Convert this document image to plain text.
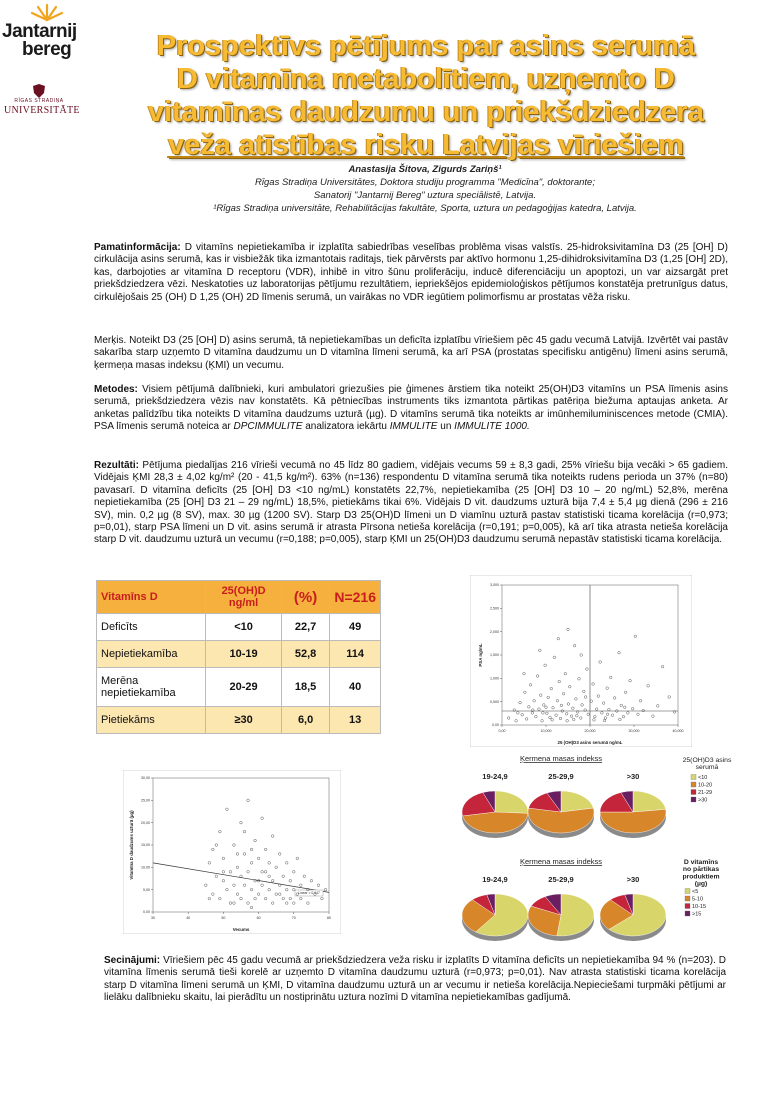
Jantarnij
bereg
RĪGAS STRADIŅA
UNIVERSITĀTE
Prospektīvs pētījums par asins serumā
D vitamīna metabolītiem, uzņemto D
vitamīnas daudzumu un priekšdziedzera
veža atīstības risku Latvijas vīriešiem
Anastasija Šitova, Zigurds Zariņš¹
Rīgas Stradiņa Universitātes, Doktora studiju programma "Medicīna", doktorante;
Sanatorij "Jantarnij Bereg" uztura speciālistē, Latvija.
¹Rīgas Stradiņa universitāte, Rehabilitācijas fakultāte, Sporta, uztura un pedagoģijas katedra, Latvija.
Pamatinformācija: D vitamīns nepietiekamība ir izplatīta sabiedrības veselības problēma visas valstīs. 25-hidroksivitamīna D3 (25 [OH] D) cirkulācija asins serumā, kas ir visbiežāk tika izmantotais raditajs, tiek pārvērsts par aktīvo hormonu 1,25-dihidroksivitamīna D3 (1,25 [OH] 2D), kas, darbojoties ar vitamīna D receptoru (VDR), inhibē in vitro šūnu proliferāciju, inducē diferenciāciju un apoptozi, un var aizsargāt pret priekšdziedzera vēzi. Neskatoties uz laboratorijas pētījumu rezultātiem, iepriekšējos epidemioloģiskos pētījumos konstatēja pretrunīgus datus, cirkulējošais 25 (OH) D 1,25 (OH) 2D līmenis serumā, un vairākas no VDR iegūtiem polimorfismu ar prostatas vēža risku.
Merķis. Noteikt D3 (25 [OH] D) asins serumā, tā nepietiekamības un deficīta izplatību vīriešiem pēc 45 gadu vecumā Latvijā. Izvērtēt vai pastāv sakarība starp uzņemto D vitamīna daudzumu un D vitamīna līmeni serumā, ka arī PSA (prostatas specifisku antigēnu) līmeni asins serumā, ķermeņa masas indeksu (ĶMI) un vecumu.
Metodes: Visiem pētījumā dalībnieki, kuri ambulatori griezušies pie ģimenes ārstiem tika noteikt 25(OH)D3 vitamīns un PSA līmenis asins serumā, priekšdziedzera vēzis nav konstatēts. Kā pētniecības instruments tiks izmantota pārtikas patēriņa biežuma aptaujas anketa. Ar anketas palīdzību tika noteikts D vitamīna daudzums uzturā (µg). D vitamīns serumā tika noteikts ar imūnhemiluminiscences metode (CMIA). PSA līmenis serumā noteica ar DPCIMMULITE analizatora iekārtu IMMULITE un IMMULITE 1000.
Rezultāti: Pētījuma piedalījas 216 vīrieši vecumā no 45 līdz 80 gadiem, vidējais vecums 59 ± 8,3 gadi, 25% vīriešu bija vecāki > 65 gadiem. Vidējais ĶMI 28,3 ± 4,02 kg/m² (20 - 41,5 kg/m²). 63% (n=136) respondentu D vitamīna serumā tika noteikts rudens perioda un 37% (n=80) pavasarī. D vitamīna deficīts (25 [OH] D3 <10 ng/mL) konstatēts 22,7%, nepietiekamība (25 [OH] D3 10 – 20 ng/mL) 52,8%, merēna nepietiekamība (25 [OH] D3 21 – 29 ng/mL) 18,5%, pietiekāms tikai 6%. Vidējais D vit. daudzums uzturā bija 7,4 ± 5,4 µg dienā (296 ± 216 SV), min. 0,2 µg (8 SV), max. 30 µg (1200 SV). Starp D3 25(OH)D līmeni un D viamīnu uzturā pastav statistiski ticama korelācija (r=0,973; p=0,01), starp PSA līmeni un D vit. asins serumā ir atrasta Pīrsona netieša korelācija (r=0,191; p=0,005), kā arī tika atrasta netieša korelācija starp D vit. daudzumu uzturā un vecumu (r=0,188; p=0,005), starp ĶMI un 25(OH)D3 daudzumu serumā nepastāv statistiski ticama korelācija.
Secinājumi: Vīriešiem pēc 45 gadu vecumā ar priekšdziedzera veža risku ir izplatīts D vitamīna deficīts un nepietiekamība 94 % (n=203). D vitamīna līmenis serumā tieši korelē ar uzņemto D vitamīna daudzumu uzturā (r=0,973; p=0,01). Nav atrasta statistiski ticama korelācija starp D vitamīna līmeni serumā un ĶMI, D vitamīna daudzumu uzturā un ar vecumu ir netieša korelācija.Nepieciešami turpmāki pētījumi ar lielāku dalībnieku skaitu, lai pierādītu un nostiprinātu uztura nozīmi D vitamīna nepietiekamības gadījumā.
Vitamīns D	25(OH)D ng/ml	(%)	N=216
Deficīts	<10	22,7	49
Nepietiekamība	10-19	52,8	114
Merēna nepietiekamība	20-29	18,5	40
Pietiekāms	≥30	6,0	13
0,00	10,000	20,000	30,000	40,000
0,00
0,500
1,000
1,500
2,000
2,500
3,000
25 (OH)D3 asins serumā ng/mL
PSA ng/mL
30	40	50	60	70	80
0,00
5,00
10,00
15,00
20,00
25,00
30,00
Vecums
Vitamīna D daudzums uzturā (µg)
Linear = 0.047
Ķermena masas indekss	25(OH)D3 asins serumā
<10
10-20
21-29
>30
19-24,9	25-29,9	>30
Ķermena masas indekss	D vitamīns no pārtikas produktiem (µg)
<5
5-10
10-15
>15
19-24,9	25-29,9	>30
